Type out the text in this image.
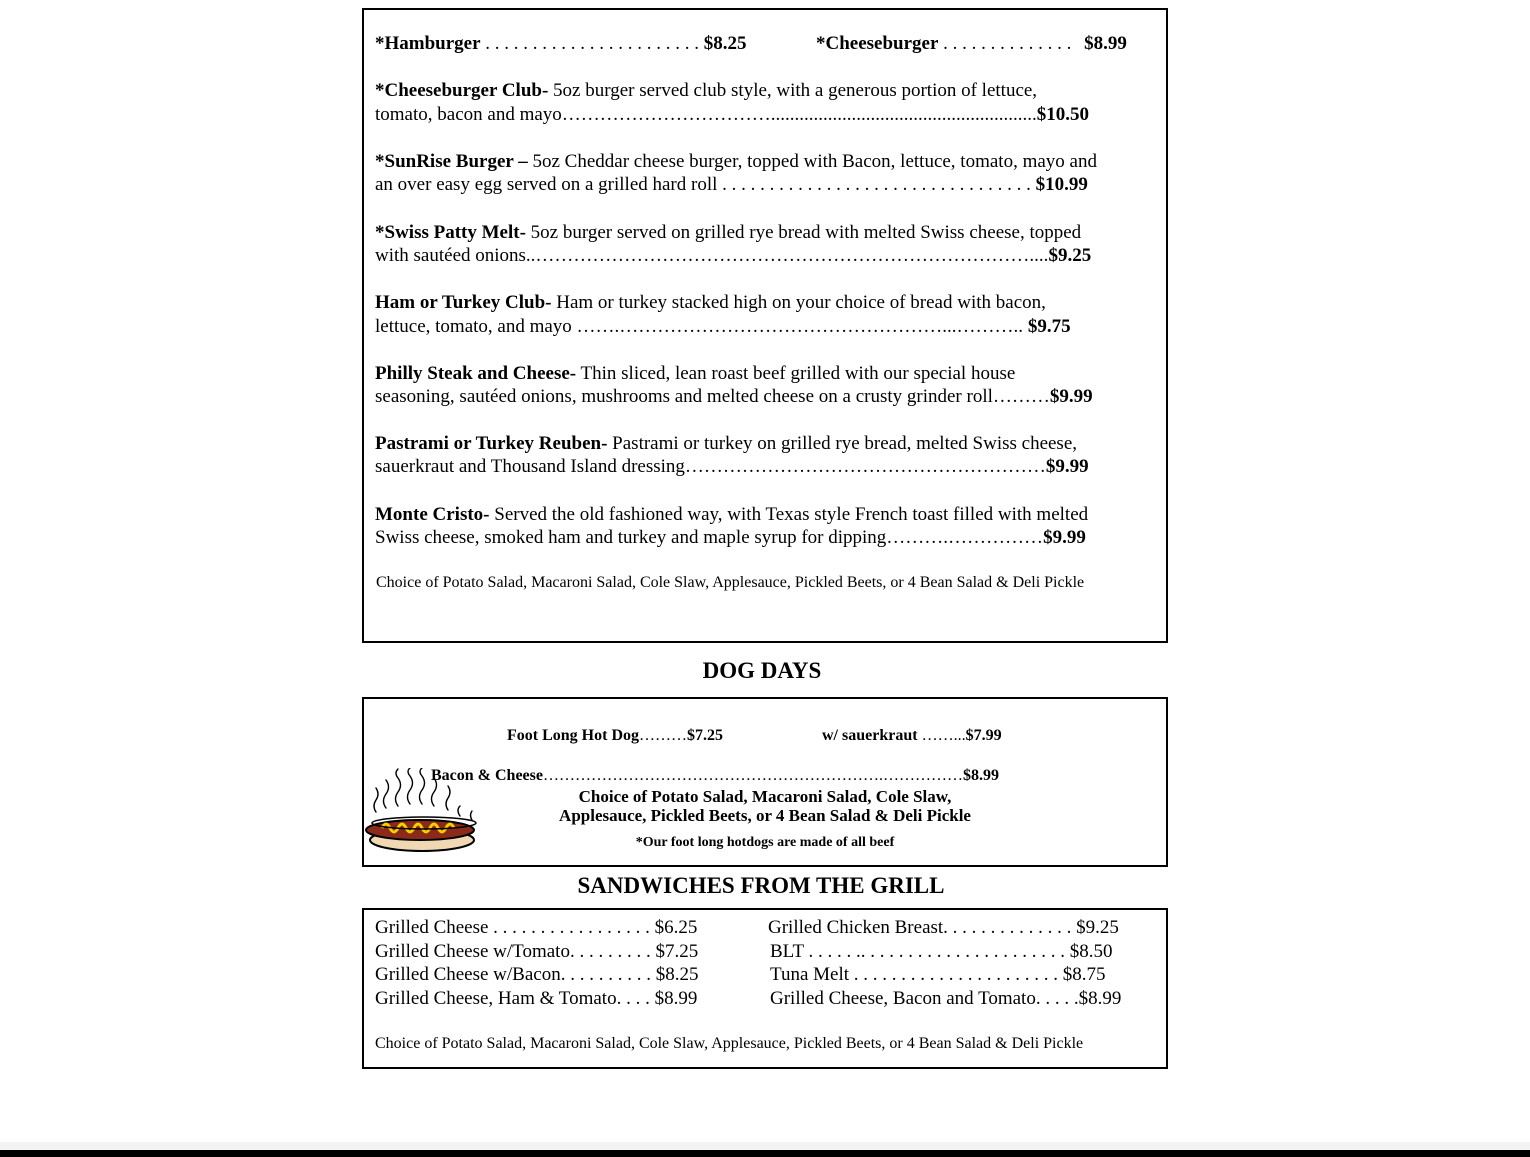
*Hamburger . . . . . . . . . . . . . . . . . . . . . . . $8.25	*Cheeseburger . . . . . . . . . . . . . . $8.99
*Cheeseburger Club- 5oz burger served club style, with a generous portion of lettuce,
tomato, bacon and mayo……………………………........................................................$10.50
*SunRise Burger – 5oz Cheddar cheese burger, topped with Bacon, lettuce, tomato, mayo and
an over easy egg served on a grilled hard roll . . . . . . . . . . . . . . . . . . . . . . . . . . . . . . . . . $10.99
*Swiss Patty Melt- 5oz burger served on grilled rye bread with melted Swiss cheese, topped
with sautéed onions..……………………………………………………………………....$9.25
Ham or Turkey Club- Ham or turkey stacked high on your choice of bread with bacon,
lettuce, tomato, and mayo …….……………………………………………...……….. $9.75
Philly Steak and Cheese- Thin sliced, lean roast beef grilled with our special house
seasoning, sautéed onions, mushrooms and melted cheese on a crusty grinder roll………$9.99
Pastrami or Turkey Reuben- Pastrami or turkey on grilled rye bread, melted Swiss cheese,
sauerkraut and Thousand Island dressing…………………………………………………$9.99
Monte Cristo- Served the old fashioned way, with Texas style French toast filled with melted
Swiss cheese, smoked ham and turkey and maple syrup for dipping……….……………$9.99
Choice of Potato Salad, Macaroni Salad, Cole Slaw, Applesauce, Pickled Beets, or 4 Bean Salad & Deli Pickle
DOG DAYS
Foot Long Hot Dog………$7.25	w/ sauerkraut ……...$7.99
Bacon & Cheese……………………………………………………….……………$8.99
Choice of Potato Salad, Macaroni Salad, Cole Slaw,
Applesauce, Pickled Beets, or 4 Bean Salad & Deli Pickle
*Our foot long hotdogs are made of all beef
SANDWICHES FROM THE GRILL
Grilled Cheese . . . . . . . . . . . . . . . . . $6.25
Grilled Cheese w/Tomato. . . . . . . . . $7.25
Grilled Cheese w/Bacon. . . . . . . . . . $8.25
Grilled Cheese, Ham & Tomato. . . . $8.99
Grilled Chicken Breast. . . . . . . . . . . . . . $9.25
BLT . . . . . .. . . . . . . . . . . . . . . . . . . . . . $8.50
Tuna Melt . . . . . . . . . . . . . . . . . . . . . . $8.75
Grilled Cheese, Bacon and Tomato. . . . .$8.99
Choice of Potato Salad, Macaroni Salad, Cole Slaw, Applesauce, Pickled Beets, or 4 Bean Salad & Deli Pickle
